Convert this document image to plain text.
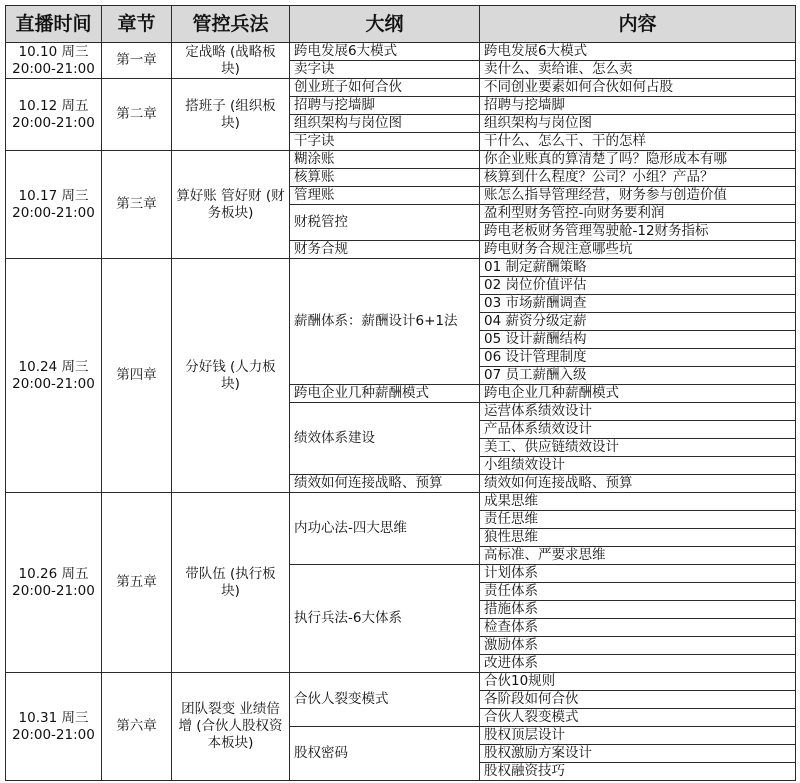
直播时间	章节	管控兵法	大纲	内容
10.10 周三
20:00-21:00	第一章	定战略 (战略板块)	跨电发展6大模式	跨电发展6大模式
			卖字诀	卖什么、卖给谁、怎么卖
10.12 周五
20:00-21:00	第二章	搭班子 (组织板块)	创业班子如何合伙	不同创业要素如何合伙如何占股
			招聘与挖墙脚	招聘与挖墙脚
			组织架构与岗位图	组织架构与岗位图
			干字诀	干什么、怎么干、干的怎样
10.17 周三
20:00-21:00	第三章	算好账 管好财 (财务板块)	糊涂账	你企业账真的算清楚了吗？隐形成本有哪
			核算账	核算到什么程度？公司？小组？产品？
			管理账	账怎么指导管理经营，财务参与创造价值
			财税管控	盈利型财务管控-向财务要利润
				跨电老板财务管理驾驶舱-12财务指标
			财务合规	跨电财务合规注意哪些坑
10.24 周三
20:00-21:00	第四章	分好钱 (人力板块)	薪酬体系：薪酬设计6+1法	01 制定薪酬策略
				02 岗位价值评估
				03 市场薪酬调查
				04 薪资分级定薪
				05 设计薪酬结构
				06 设计管理制度
				07 员工薪酬入级
			跨电企业几种薪酬模式	跨电企业几种薪酬模式
			绩效体系建设	运营体系绩效设计
				产品体系绩效设计
				美工、供应链绩效设计
				小组绩效设计
			绩效如何连接战略、预算	绩效如何连接战略、预算
10.26 周五
20:00-21:00	第五章	带队伍 (执行板块)	内功心法-四大思维	成果思维
				责任思维
				狼性思维
				高标准、严要求思维
			执行兵法-6大体系	计划体系
				责任体系
				措施体系
				检查体系
				激励体系
				改进体系
10.31 周三
20:00-21:00	第六章	团队裂变 业绩倍增 (合伙人股权资本板块)	合伙人裂变模式	合伙10规则
				各阶段如何合伙
				合伙人裂变模式
			股权密码	股权顶层设计
				股权激励方案设计
				股权融资技巧
